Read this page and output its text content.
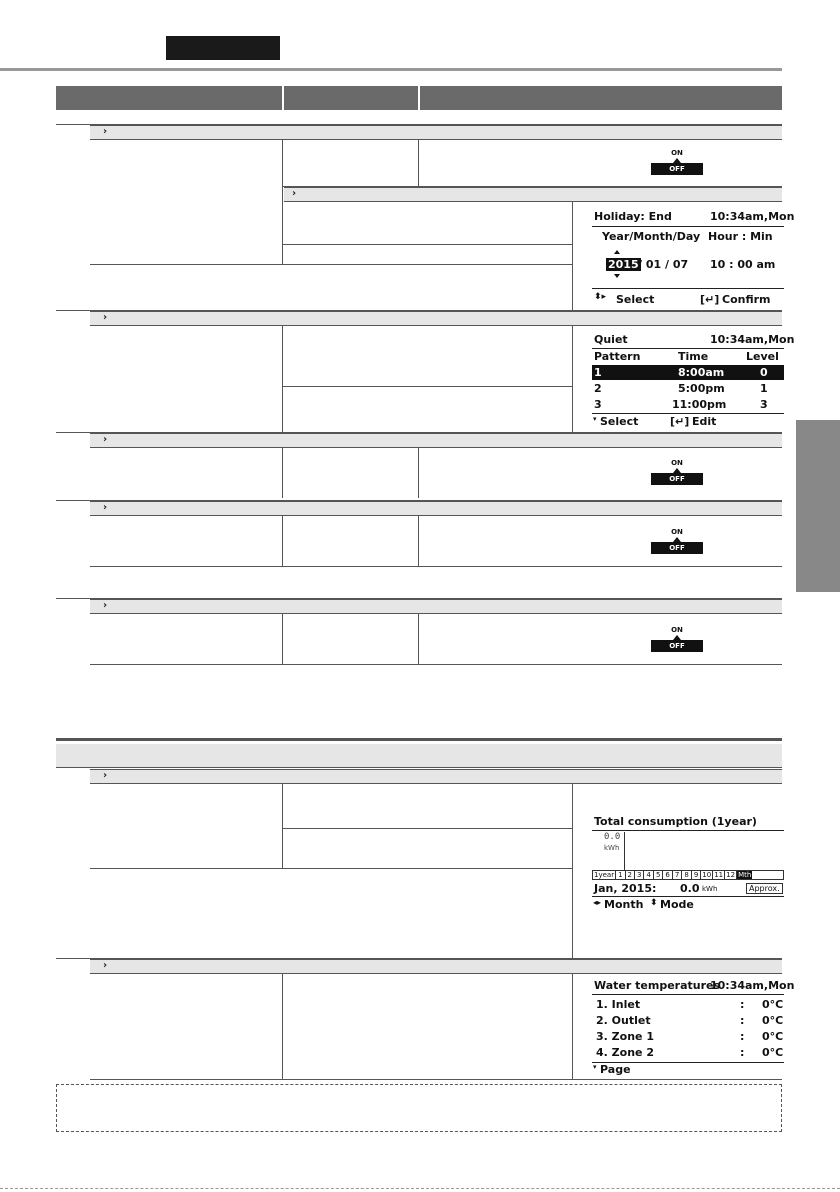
›
ON
OFF
›
Holiday: End	10:34am,Mon
Year/Month/Day Hour : Min
2015 / 01 / 07 10 : 00 am
⬍▸ Select	[↵] Confirm
›
Quiet	10:34am,Mon
Pattern	Time	Level
1	8:00am	0
2	5:00pm	1
3	11:00pm	3
▾ Select	[↵] Edit
›
ON
OFF
›
ON
OFF
›
ON
OFF
›
Total consumption (1year)
0.0
kWh
1year 1 2 3 4 5 6 7 8 9 10 11 12 Mth
Jan, 2015: 0.0 kWh	Approx.
◂▸ Month ⬍ Mode
›
Water temperatures
10:34am,Mon
1. Inlet	: 0°C
2. Outlet	: 0°C
3. Zone 1	: 0°C
4. Zone 2	: 0°C
▾ Page
